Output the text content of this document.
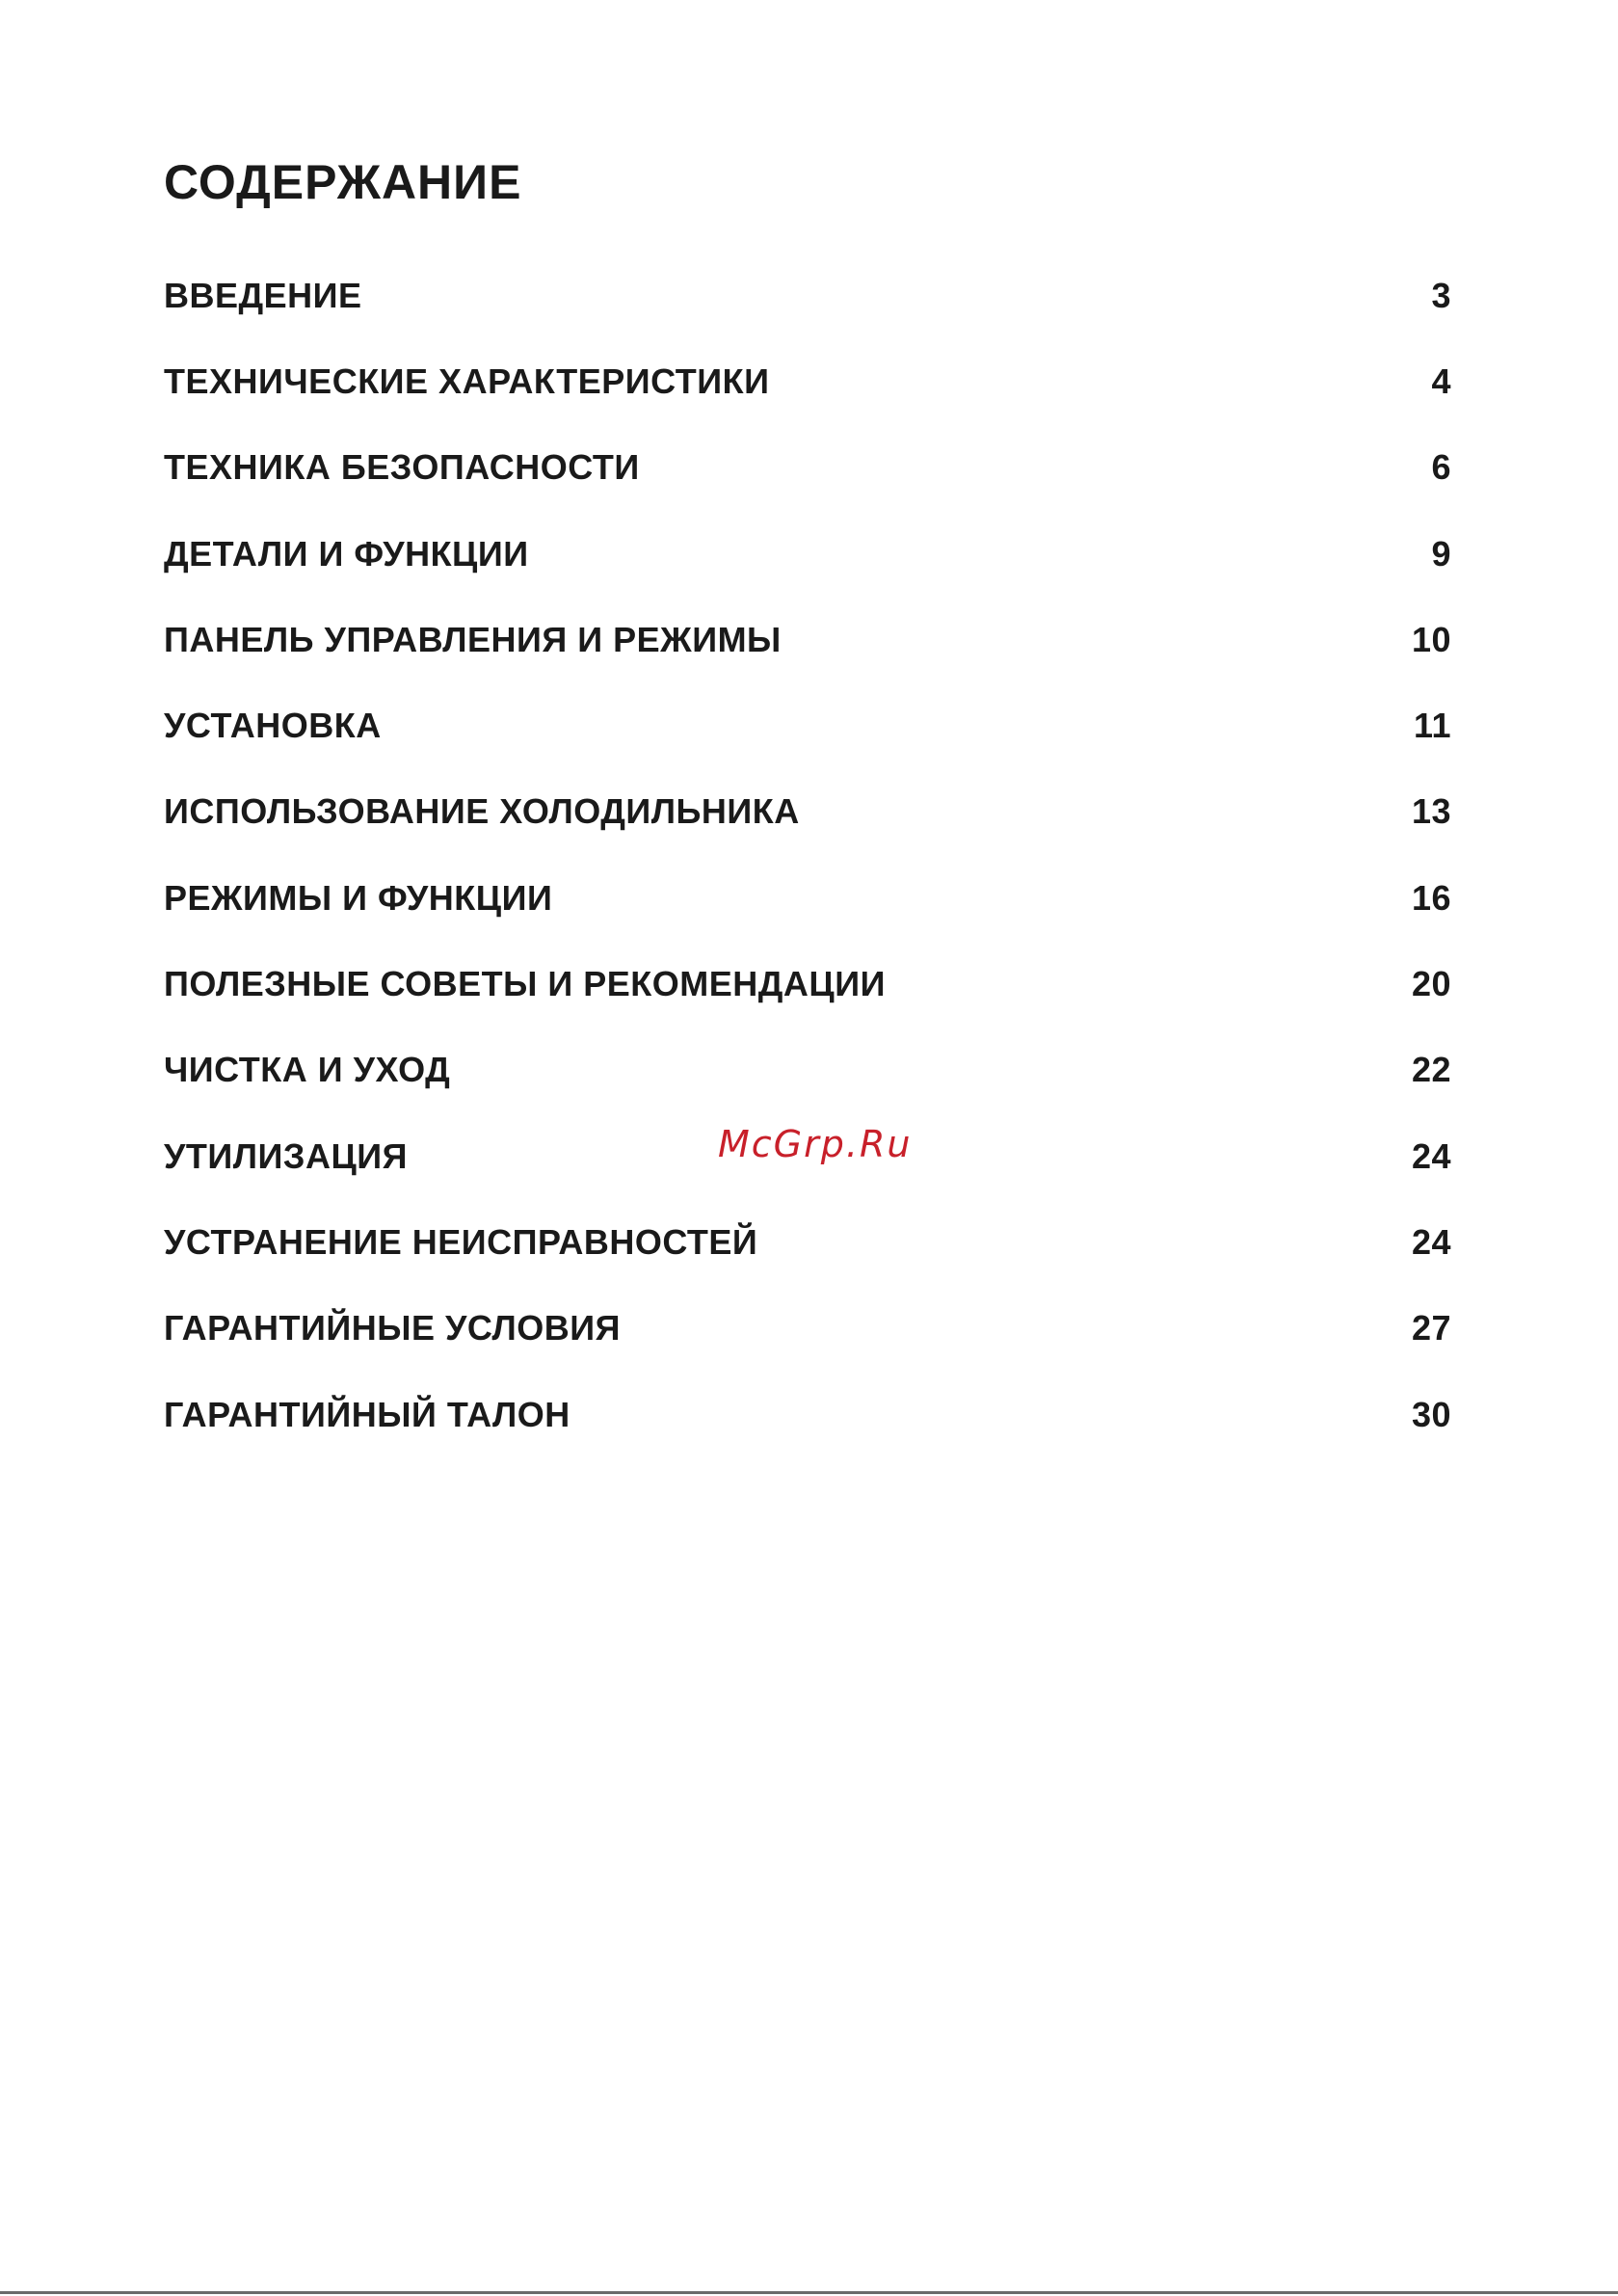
СОДЕРЖАНИЕ
ВВЕДЕНИЕ	3
ТЕХНИЧЕСКИЕ ХАРАКТЕРИСТИКИ	4
ТЕХНИКА БЕЗОПАСНОСТИ	6
ДЕТАЛИ И ФУНКЦИИ	9
ПАНЕЛЬ УПРАВЛЕНИЯ И РЕЖИМЫ	10
УСТАНОВКА	11
ИСПОЛЬЗОВАНИЕ ХОЛОДИЛЬНИКА	13
РЕЖИМЫ И ФУНКЦИИ	16
ПОЛЕЗНЫЕ СОВЕТЫ И РЕКОМЕНДАЦИИ	20
ЧИСТКА И УХОД	22
УТИЛИЗАЦИЯ	24
УСТРАНЕНИЕ НЕИСПРАВНОСТЕЙ	24
ГАРАНТИЙНЫЕ УСЛОВИЯ	27
ГАРАНТИЙНЫЙ ТАЛОН	30
McGrp.Ru
